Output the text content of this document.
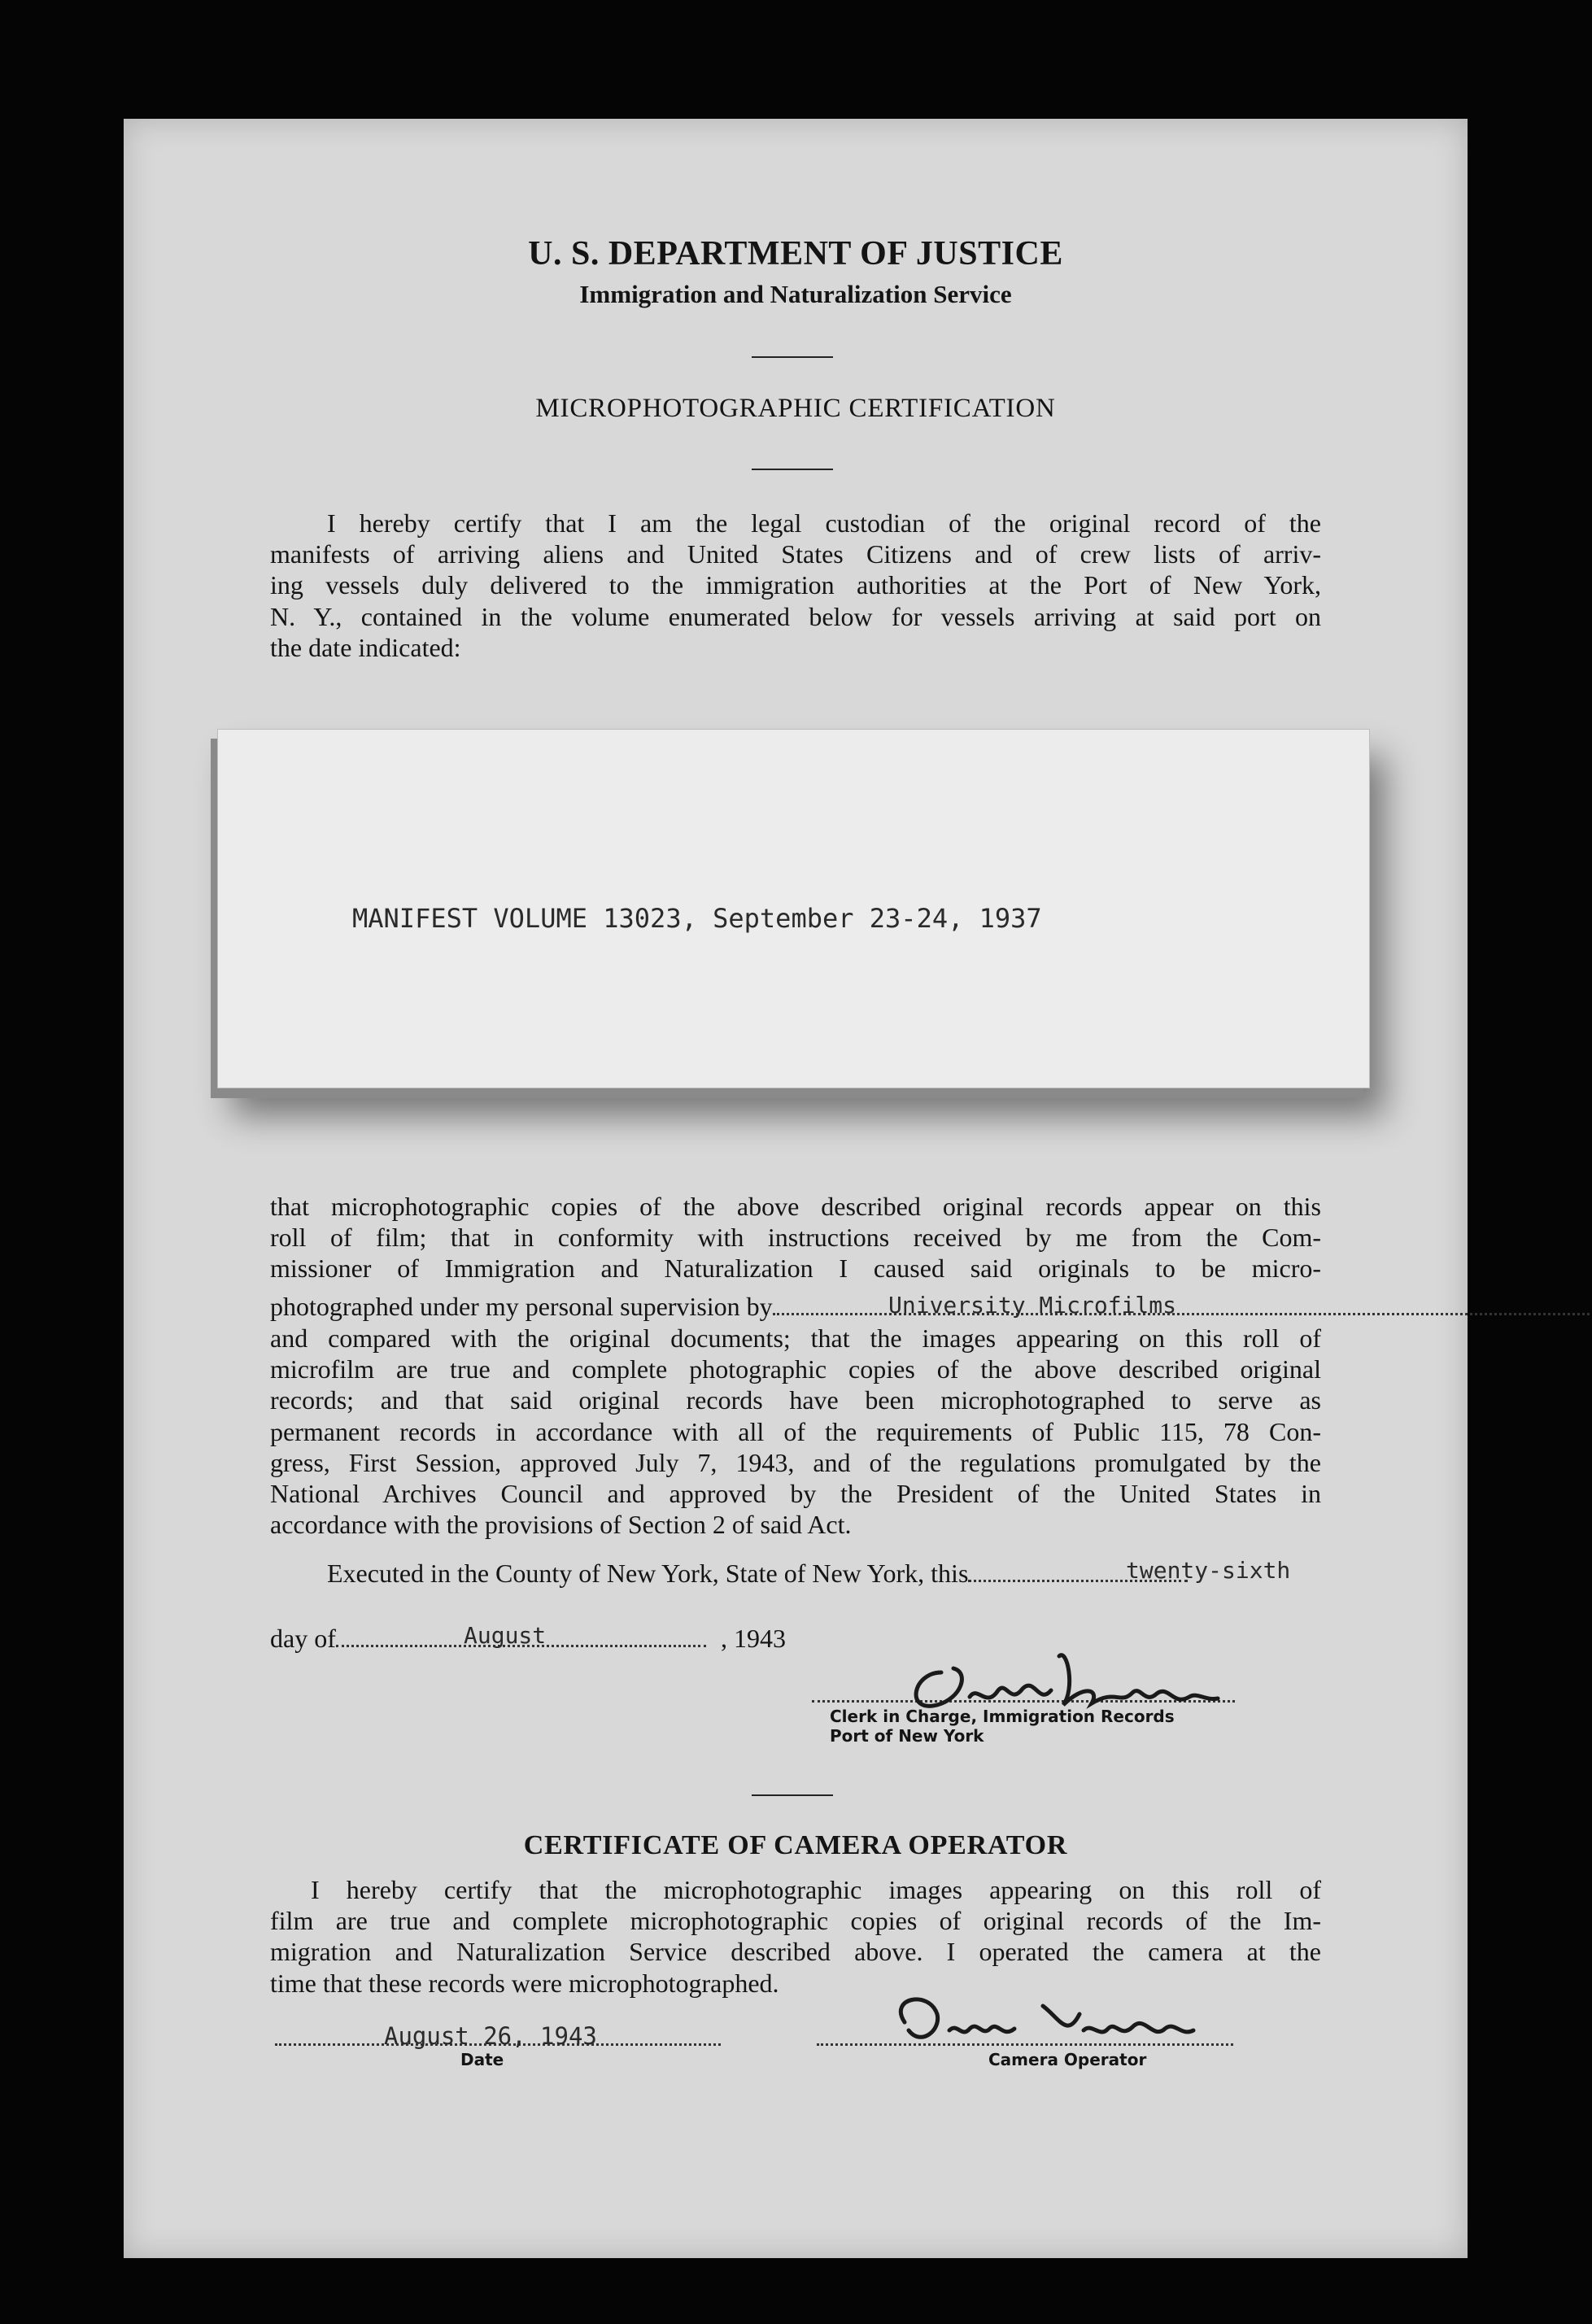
U. S. DEPARTMENT OF JUSTICE
Immigration and Naturalization Service
MICROPHOTOGRAPHIC CERTIFICATION
I hereby certify that I am the legal custodian of the original record of the
manifests of arriving aliens and United States Citizens and of crew lists of arriv-
ing vessels duly delivered to the immigration authorities at the Port of New York,
N. Y., contained in the volume enumerated below for vessels arriving at said port on
the date indicated:
MANIFEST VOLUME 13023, September 23-24, 1937
that microphotographic copies of the above described original records appear on this
roll of film; that in conformity with instructions received by me from the Com-
missioner of Immigration and Naturalization I caused said originals to be micro-
photographed under my personal supervision by	University Microfilms
and compared with the original documents; that the images appearing on this roll of
microfilm are true and complete photographic copies of the above described original
records; and that said original records have been microphotographed to serve as
permanent records in accordance with all of the requirements of Public 115, 78 Con-
gress, First Session, approved July 7, 1943, and of the regulations promulgated by the
National Archives Council and approved by the President of the United States in
accordance with the provisions of Section 2 of said Act.
Executed in the County of New York, State of New York, this	twenty-sixth
day of	August	, 1943
Clerk in Charge, Immigration Records
Port of New York
CERTIFICATE OF CAMERA OPERATOR
I hereby certify that the microphotographic images appearing on this roll of
film are true and complete microphotographic copies of original records of the Im-
migration and Naturalization Service described above. I operated the camera at the
time that these records were microphotographed.
August 26, 1943
Date	Camera Operator
